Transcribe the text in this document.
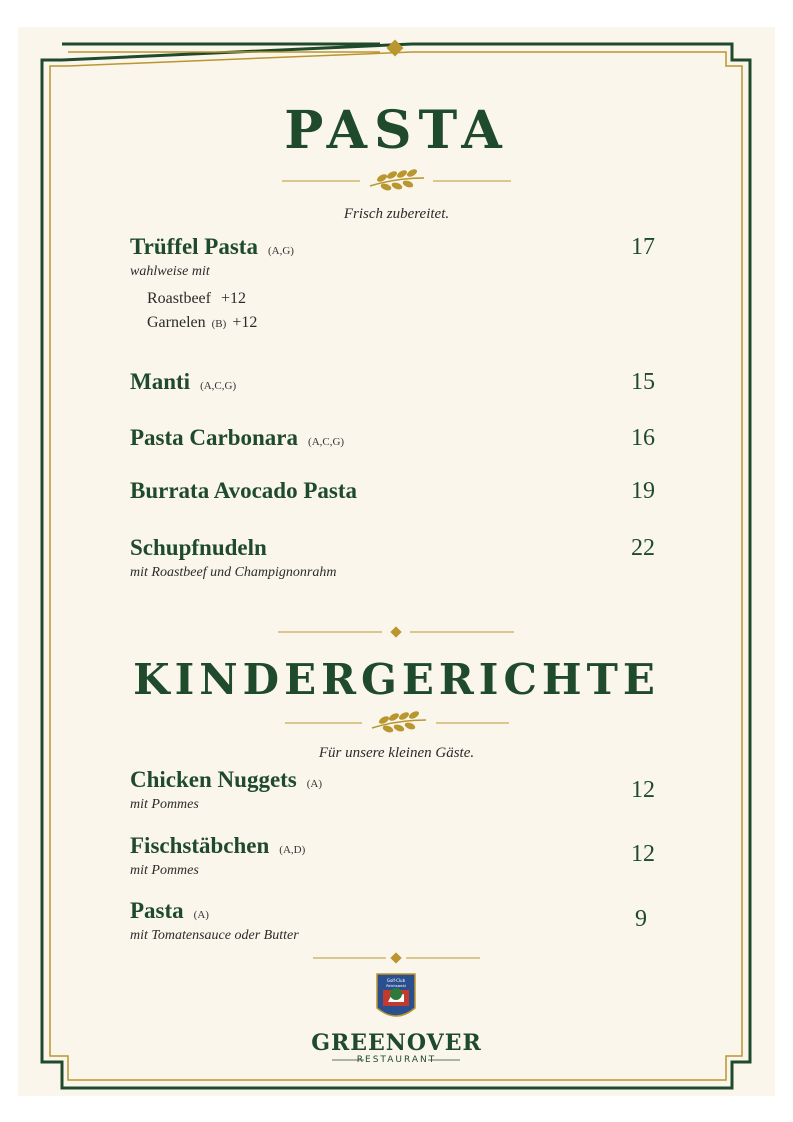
Golf-Club
Reichswald
PASTA
Frisch zubereitet.
Trüffel Pasta (A,G)	17
wahlweise mit
Roastbeef +12
Garnelen (B) +12
Manti (A,C,G)	15
Pasta Carbonara (A,C,G)	16
Burrata Avocado Pasta	19
Schupfnudeln	22
mit Roastbeef und Champignonrahm
KINDERGERICHTE
Für unsere kleinen Gäste.
Chicken Nuggets (A)	12
mit Pommes
Fischstäbchen (A,D)	12
mit Pommes
Pasta (A)	9
mit Tomatensauce oder Butter
GREENOVER
RESTAURANT
